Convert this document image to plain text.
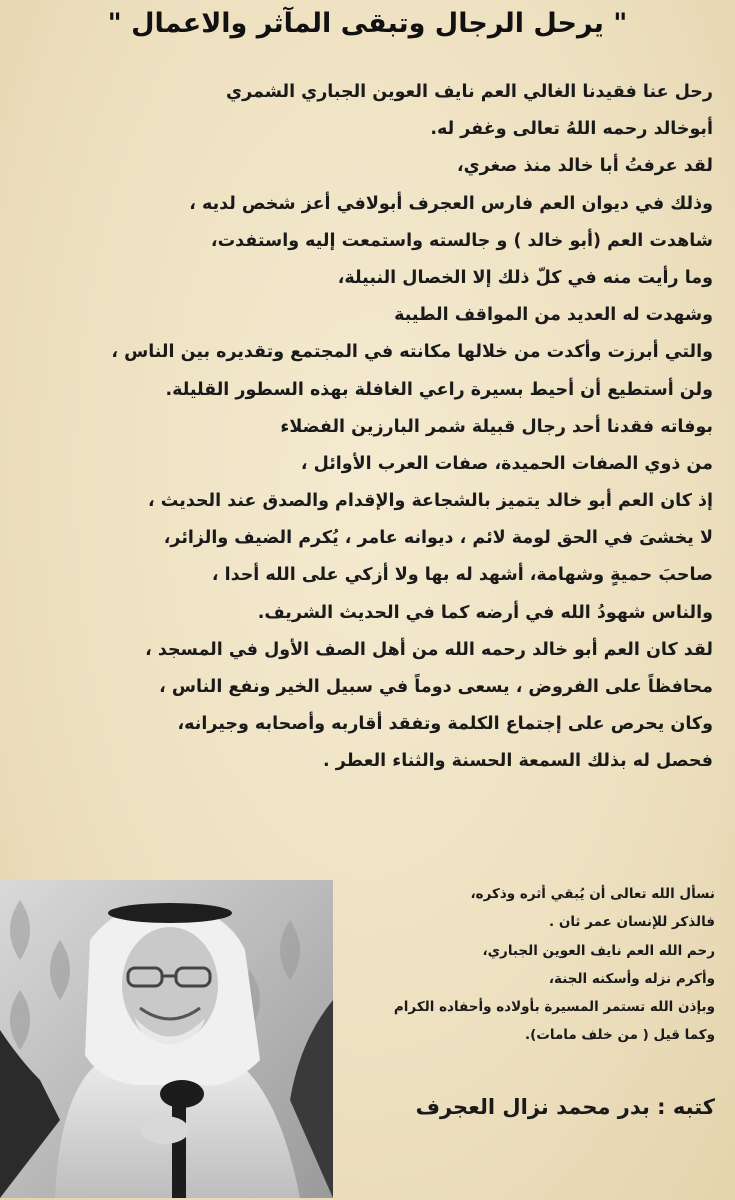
" يرحل الرجال وتبقى المآثر والاعمال "
رحل عنا فقيدنا الغالي العم نايف العوين الجباري الشمري
أبوخالد رحمه اللهُ تعالى وغفر له.
لقد عرفتُ أبا خالد منذ صغري،
وذلك في ديوان العم فارس العجرف أبولافي أعز شخص لديه ،
شاهدت العم (أبو خالد ) و جالسته واستمعت إليه واستفدت،
وما رأيت منه في كلّ ذلك إلا الخصال النبيلة،
وشهدت له العديد من المواقف الطيبة
والتي أبرزت وأكدت من خلالها مكانته في المجتمع وتقديره بين الناس ،
ولن أستطيع أن أحيط بسيرة راعي الغافلة بهذه السطور القليلة.
بوفاته فقدنا أحد رجال قبيلة شمر البارزين الفضلاء
من ذوي الصفات الحميدة، صفات العرب الأوائل ،
إذ كان العم أبو خالد يتميز بالشجاعة والإقدام والصدق عند الحديث ،
لا يخشىَ في الحق لومة لائم ، ديوانه عامر ، يُكرم الضيف والزائر،
صاحبَ حميةٍ وشهامة، أشهد له بها ولا أزكي على الله أحدا ،
والناس شهودُ الله في أرضه كما في الحديث الشريف.
لقد كان العم أبو خالد رحمه الله من أهل الصف الأول في المسجد ،
محافظاً على الفروض ، يسعى دوماً في سبيل الخير ونفع الناس ،
وكان يحرص على إجتماع الكلمة وتفقد أقاربه وأصحابه وجيرانه،
فحصل له بذلك السمعة الحسنة والثناء العطر .
نسأل الله تعالى أن يُبقي أثره وذكره،
فالذكر للإنسان عمر ثان .
رحم الله العم نايف العوين الجباري،
وأكرم نزله وأسكنه الجنة،
وبإذن الله تستمر المسيرة بأولاده وأحفاده الكرام
وكما قيل ( من خلف مامات).
كتبه : بدر محمد نزال العجرف
